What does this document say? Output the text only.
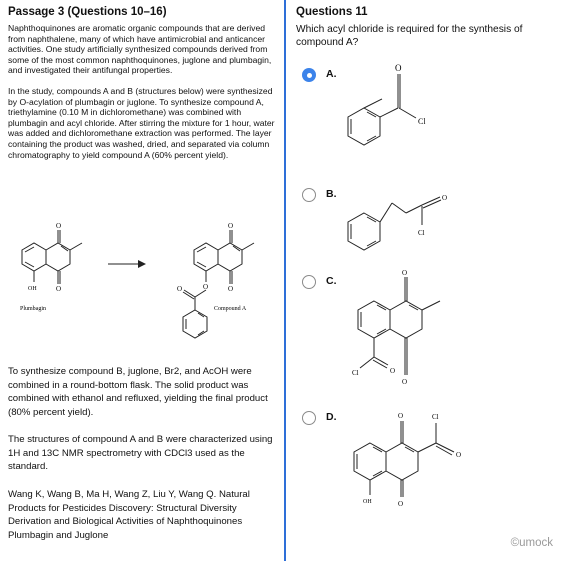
Passage 3 (Questions 10–16)

Naphthoquinones are aromatic organic compounds that are derived from naphthalene, many of which have antimicrobial and anticancer activities. One study artificially synthesized compounds derived from some of the most common naphthoquinones, juglone and plumbagin, and investigated their antifungal properties.

In the study, compounds A and B (structures below) were synthesized by O-acylation of plumbagin or juglone. To synthesize compound A, triethylamine (0.10 M in dichloromethane) was combined with plumbagin and acyl chloride. After stirring the mixture for 1 hour, water was added and dichloromethane extraction was performed. The layer containing the product was washed, dried, and separated via column chromatography to yield compound A (60% percent yield).

O
O
OH
Plumbagin
O
O
O
O
Compound A

To synthesize compound B, juglone, Br2, and AcOH were combined in a round-bottom flask. The solid product was combined with ethanol and refluxed, yielding the final product (80% percent yield).

The structures of compound A and B were characterized using 1H and 13C NMR spectrometry with CDCl3 used as the standard.

Wang K, Wang B, Ma H, Wang Z, Liu Y, Wang Q. Natural Products for Pesticides Discovery: Structural Diversity Derivation and Biological Activities of Naphthoquinones Plumbagin and Juglone

Questions 11

Which acyl chloride is required for the synthesis of compound A?

A.	O
Cl
B.	O
Cl
C.
O
O
O
Cl
D.	O
O
OH
Cl
O
©umock
